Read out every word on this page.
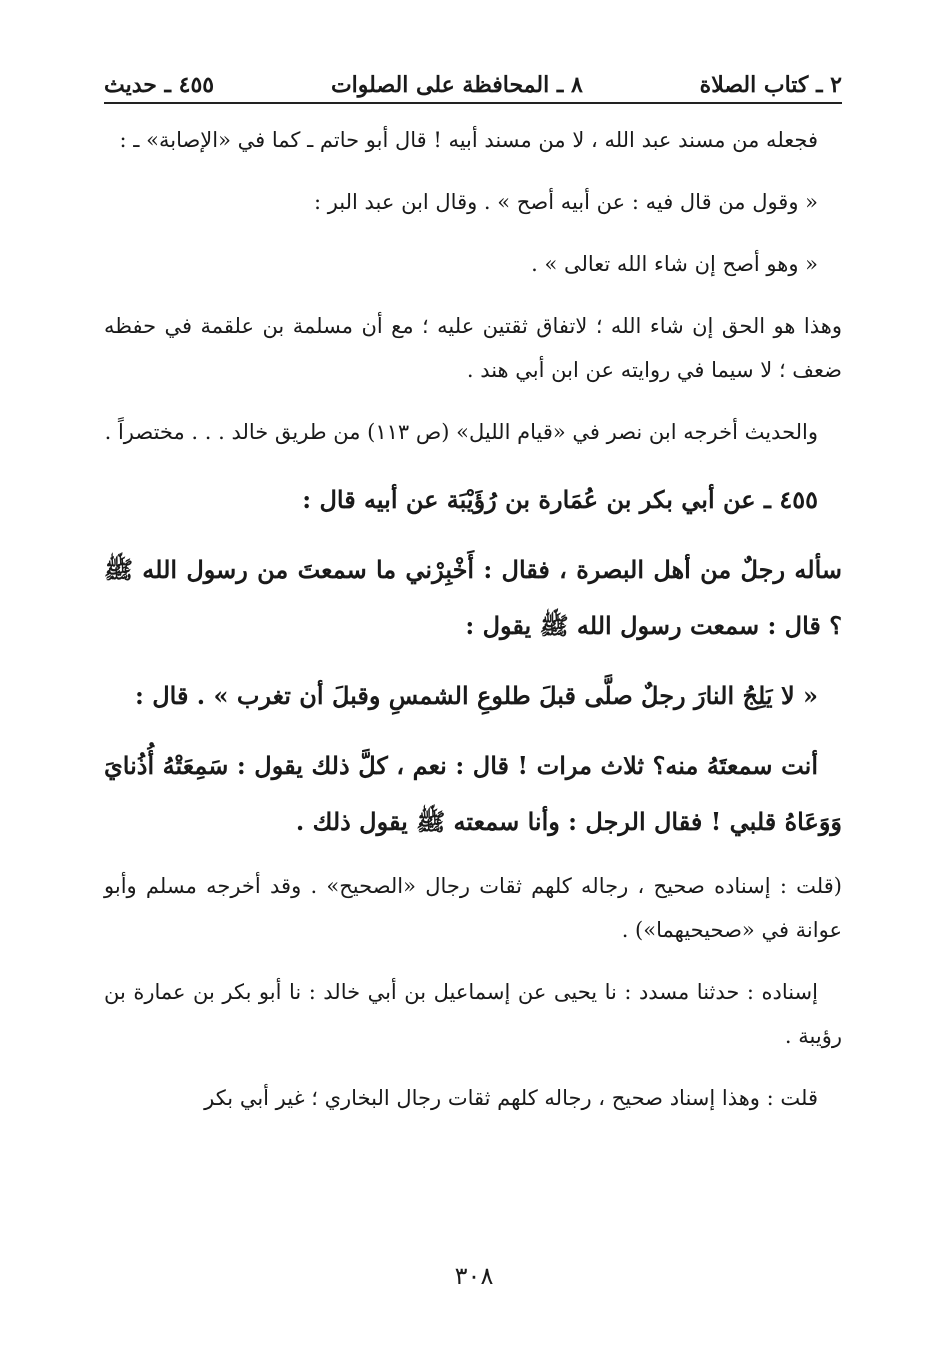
٢ ـ كتاب الصلاة
٨ ـ المحافظة على الصلوات
٤٥٥ ـ حديث

فجعله من مسند عبد الله ، لا من مسند أبيه ! قال أبو حاتم ـ كما في «الإصابة» ـ :

« وقول من قال فيه : عن أبيه أصح » . وقال ابن عبد البر :

« وهو أصح إن شاء الله تعالى » .

وهذا هو الحق إن شاء الله ؛ لاتفاق ثقتين عليه ؛ مع أن مسلمة بن علقمة في حفظه ضعف ؛ لا سيما في روايته عن ابن أبي هند .

والحديث أخرجه ابن نصر في «قيام الليل» (ص ١١٣) من طريق خالد . . . مختصراً .

٤٥٥ ـ عن أبي بكر بن عُمَارة بن رُؤَيْبَة عن أبيه قال :

سأله رجلٌ من أهل البصرة ، فقال : أَخْبِرْني ما سمعتَ من رسول الله ﷺ ؟ قال : سمعت رسول الله ﷺ يقول :

« لا يَلِجُ النارَ رجلٌ صلَّى قبلَ طلوعِ الشمسِ وقبلَ أن تغرب » . قال :

أنت سمعتَهُ منه؟ ثلاث مرات ! قال : نعم ، كلَّ ذلك يقول : سَمِعَتْهُ أُذُنايَ وَوَعَاهُ قلبي ! فقال الرجل : وأنا سمعته ﷺ يقول ذلك .

(قلت : إسناده صحيح ، رجاله كلهم ثقات رجال «الصحيح» . وقد أخرجه مسلم وأبو عوانة في «صحيحيهما») .

إسناده : حدثنا مسدد : نا يحيى عن إسماعيل بن أبي خالد : نا أبو بكر بن عمارة بن رؤيبة .

قلت : وهذا إسناد صحيح ، رجاله كلهم ثقات رجال البخاري ؛ غير أبي بكر

٣٠٨
